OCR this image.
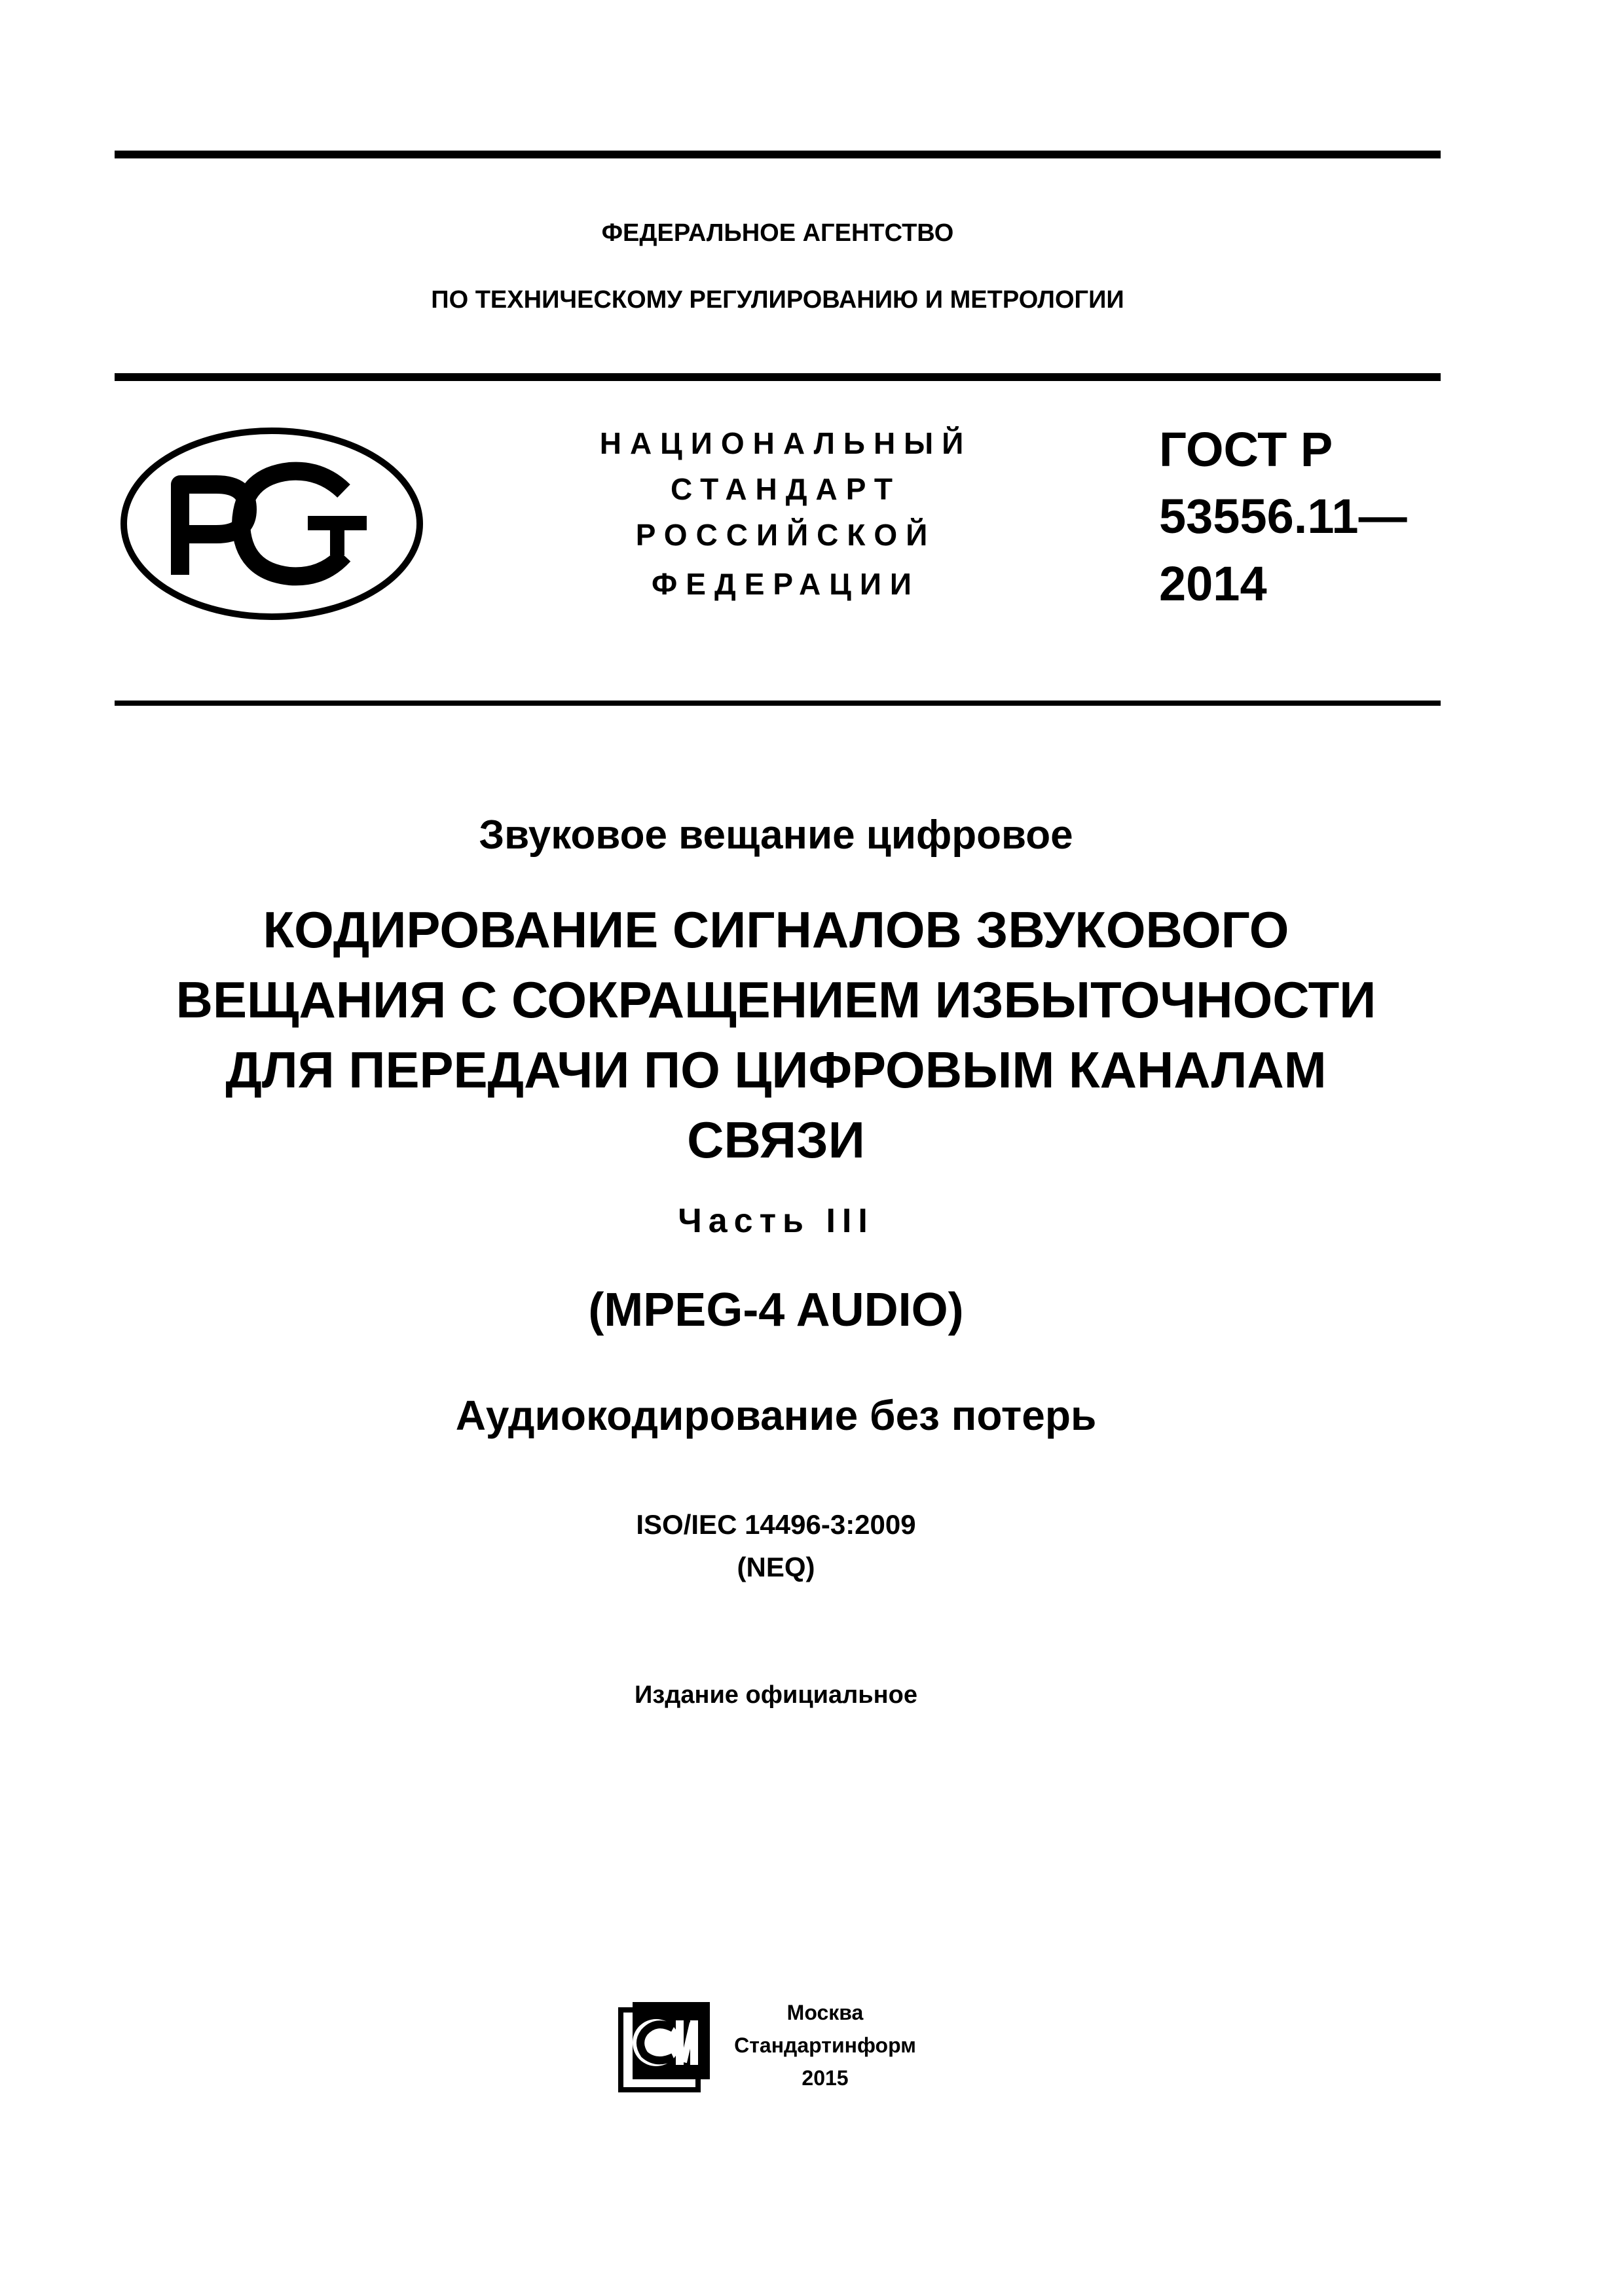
ФЕДЕРАЛЬНОЕ АГЕНТСТВО
ПО ТЕХНИЧЕСКОМУ РЕГУЛИРОВАНИЮ И МЕТРОЛОГИИ
НАЦИОНАЛЬНЫЙ
СТАНДАРТ
РОССИЙСКОЙ
ФЕДЕРАЦИИ
ГОСТ Р
53556.11—
2014
Звуковое вещание цифровое
КОДИРОВАНИЕ СИГНАЛОВ ЗВУКОВОГО
ВЕЩАНИЯ С СОКРАЩЕНИЕМ ИЗБЫТОЧНОСТИ
ДЛЯ ПЕРЕДАЧИ ПО ЦИФРОВЫМ КАНАЛАМ
СВЯЗИ
Часть III
(MPEG-4 AUDIO)
Аудиокодирование без потерь
ISO/IEC 14496-3:2009
(NEQ)
Издание официальное
Москва
Стандартинформ
2015
